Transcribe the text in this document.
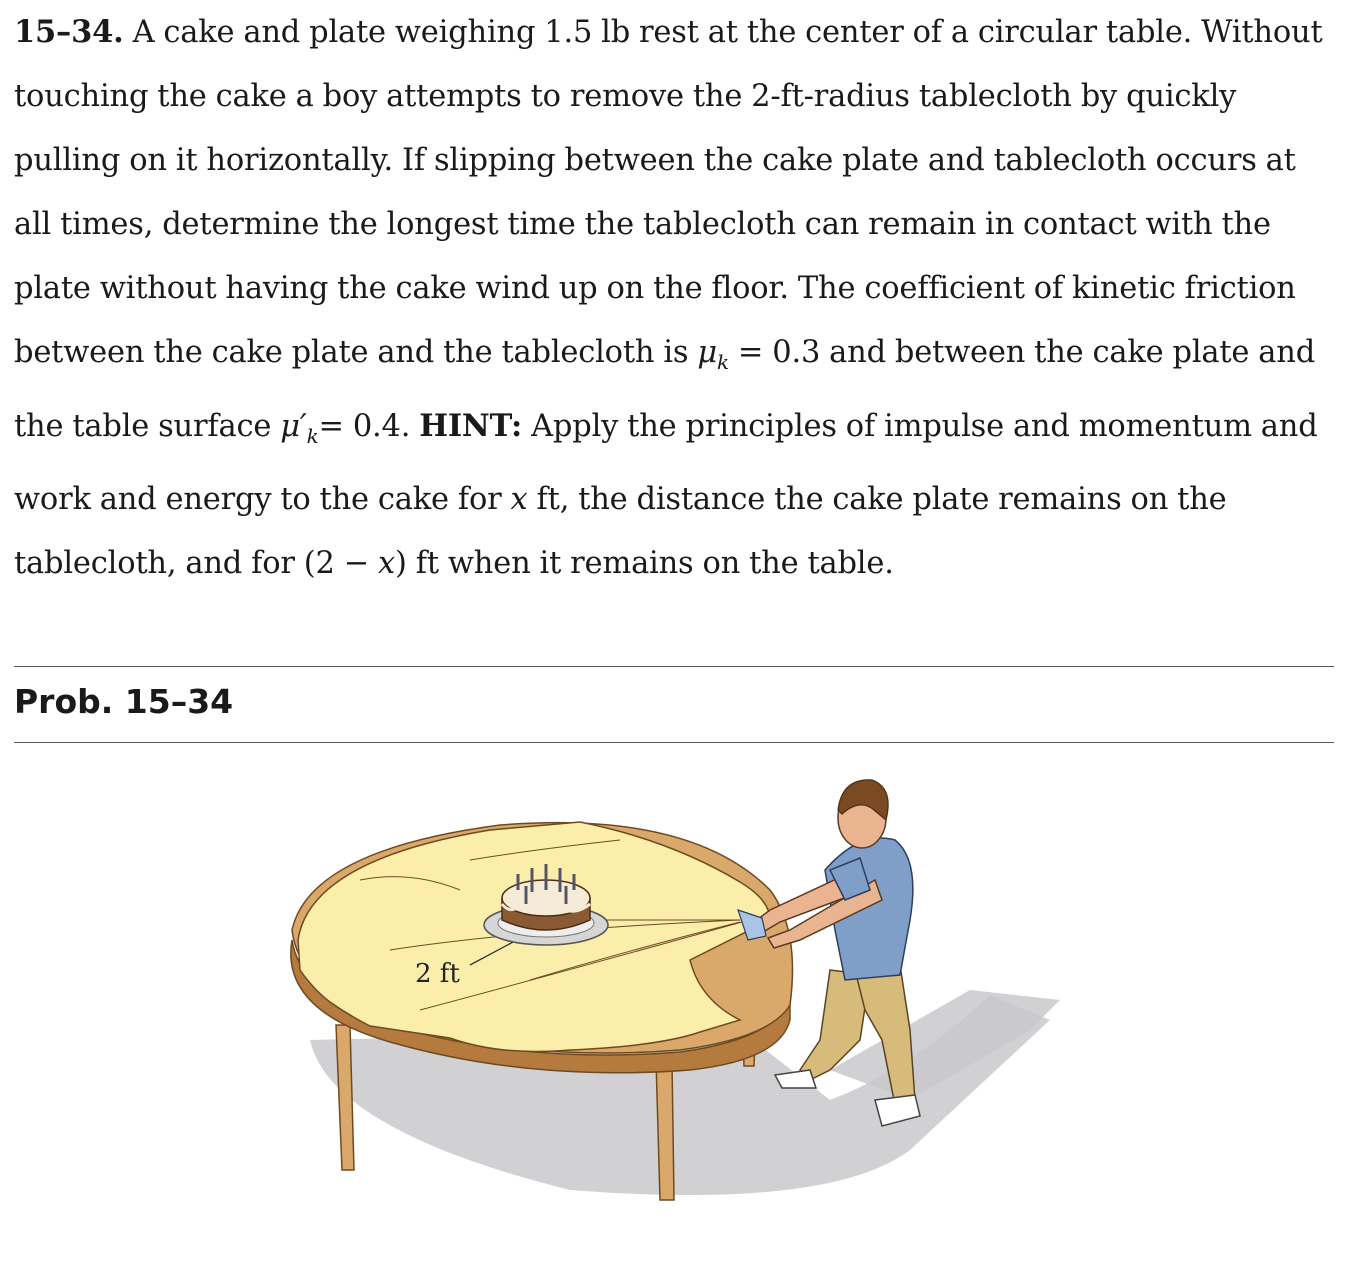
15–34. A cake and plate weighing 1.5 lb rest at the center of a circular table. Without touching the cake a boy attempts to remove the 2-ft-radius tablecloth by quickly pulling on it horizontally. If slipping between the cake plate and tablecloth occurs at all times, determine the longest time the tablecloth can remain in contact with the plate without having the cake wind up on the floor. The coefficient of kinetic friction between the cake plate and the tablecloth is $\mu_k = 0.3$ and between the cake plate and the table surface $\mu'_k= 0.4$. HINT: Apply the principles of impulse and momentum and work and energy to the cake for x ft, the distance the cake plate remains on the tablecloth, and for (2 − x) ft when it remains on the table.
Prob. 15–34
2 ft
